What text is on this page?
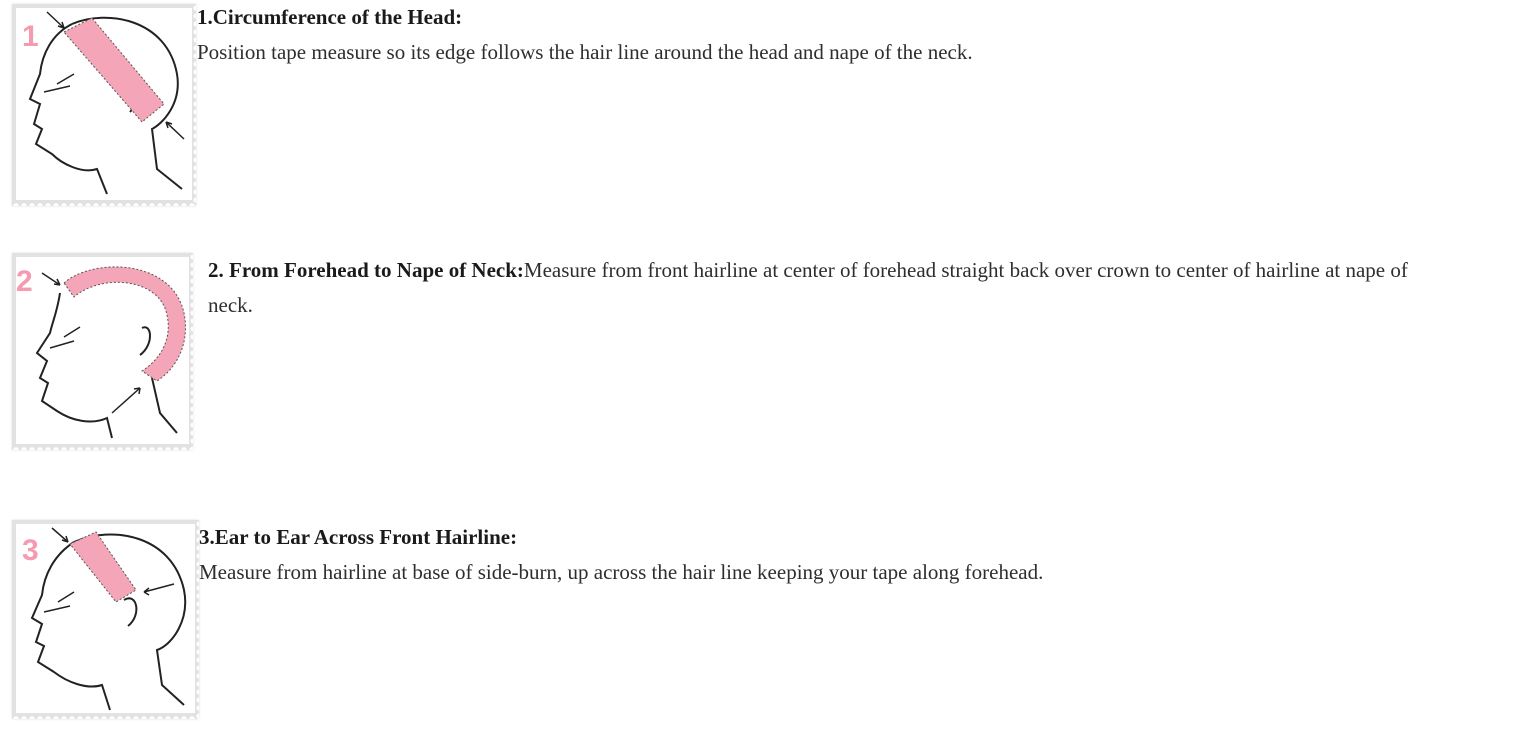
1
1.Circumference of the Head:
Position tape measure so its edge follows the hair line around the head and nape of the neck.
2	2. From Forehead to Nape of Neck:Measure from front hairline at center of forehead straight back over crown to center of hairline at nape of neck.
3	3.Ear to Ear Across Front Hairline:
Measure from hairline at base of side-burn, up across the hair line keeping your tape along forehead.
